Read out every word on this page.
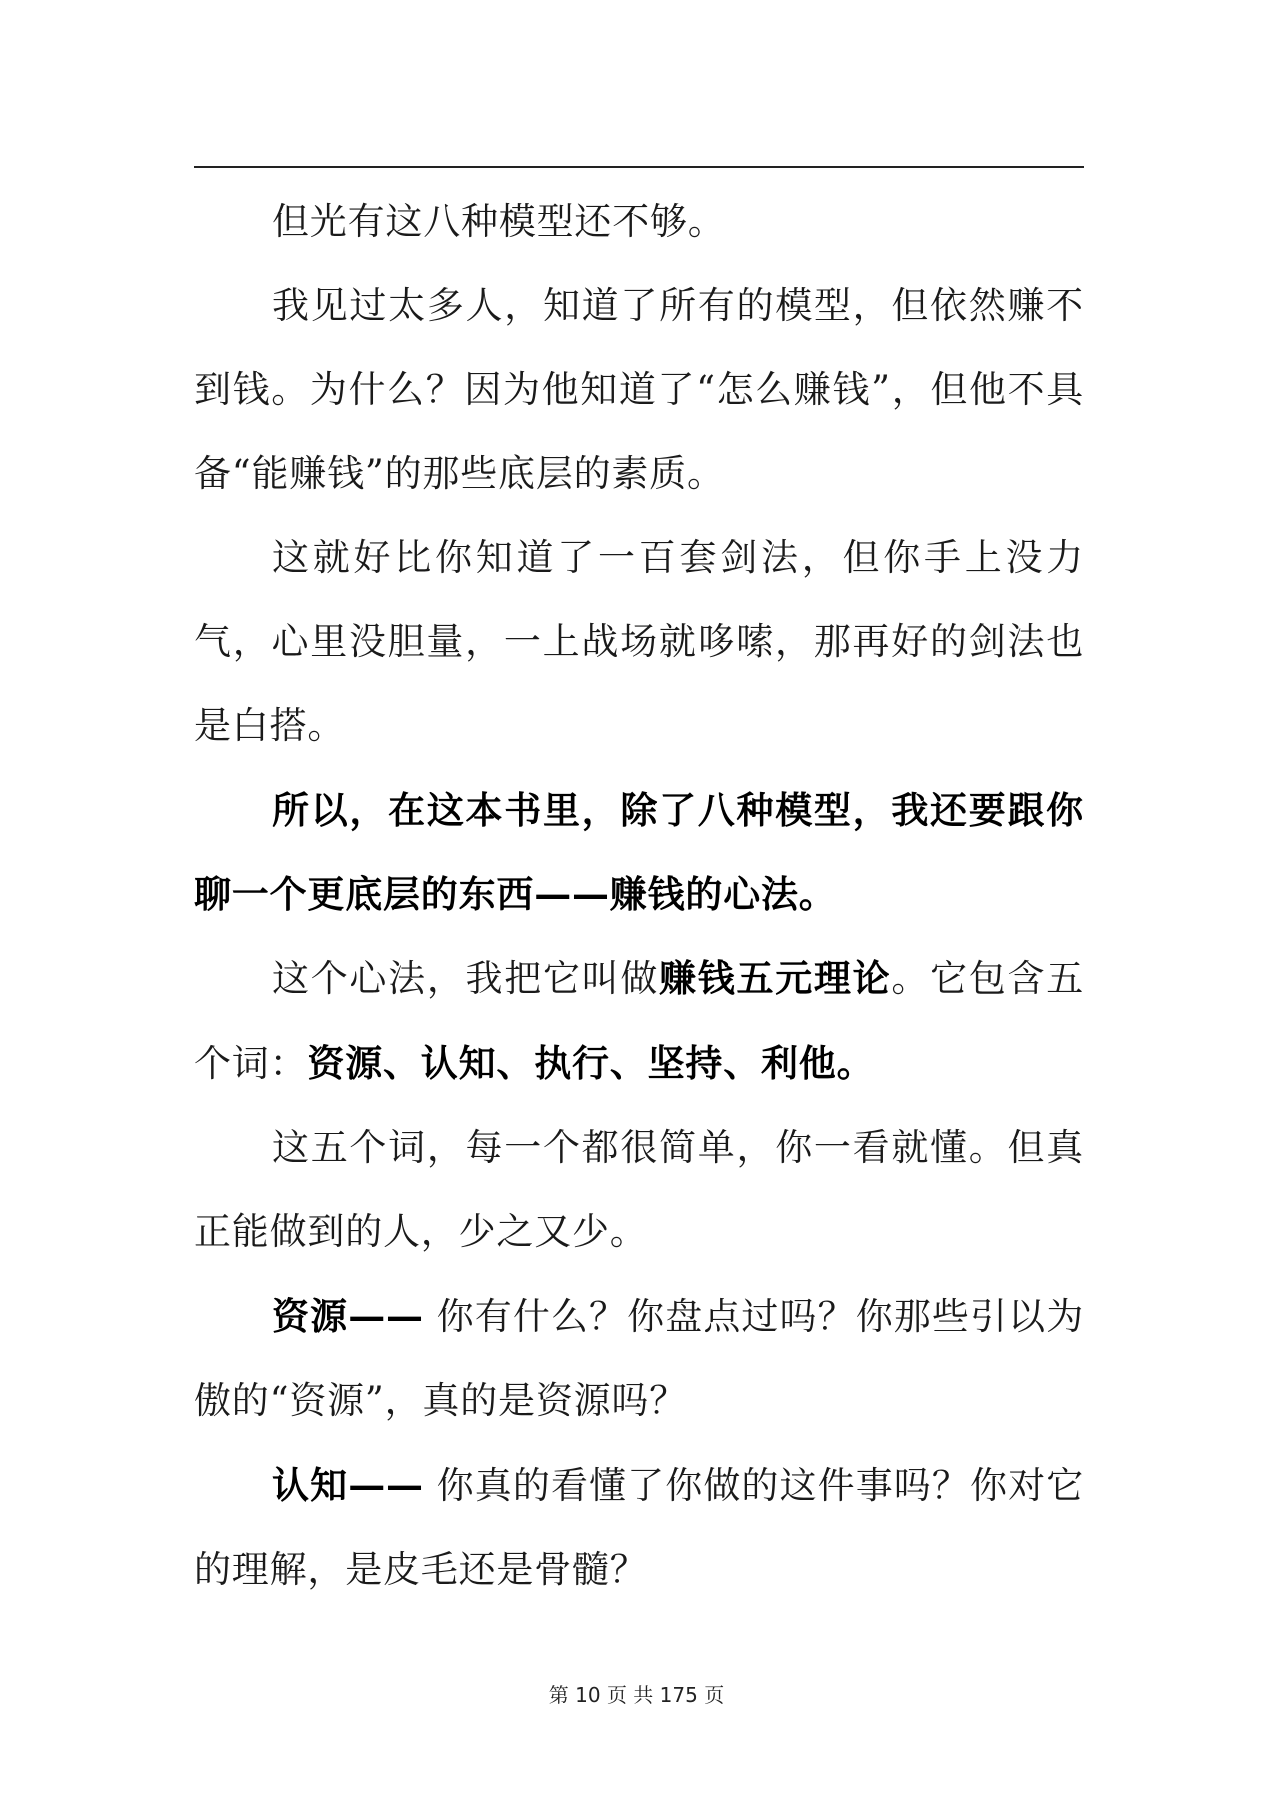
但光有这八种模型还不够。

我见过太多人，知道了所有的模型，但依然赚不到钱。为什么？因为他知道了“怎么赚钱”，但他不具备“能赚钱”的那些底层的素质。

这就好比你知道了一百套剑法，但你手上没力气，心里没胆量，一上战场就哆嗦，那再好的剑法也是白搭。

所以，在这本书里，除了八种模型，我还要跟你聊一个更底层的东西——赚钱的心法。

这个心法，我把它叫做赚钱五元理论。它包含五个词：资源、认知、执行、坚持、利他。

这五个词，每一个都很简单，你一看就懂。但真正能做到的人，少之又少。

资源—— 你有什么？你盘点过吗？你那些引以为傲的“资源”，真的是资源吗？

认知—— 你真的看懂了你做的这件事吗？你对它的理解，是皮毛还是骨髓？

第 10 页 共 175 页
